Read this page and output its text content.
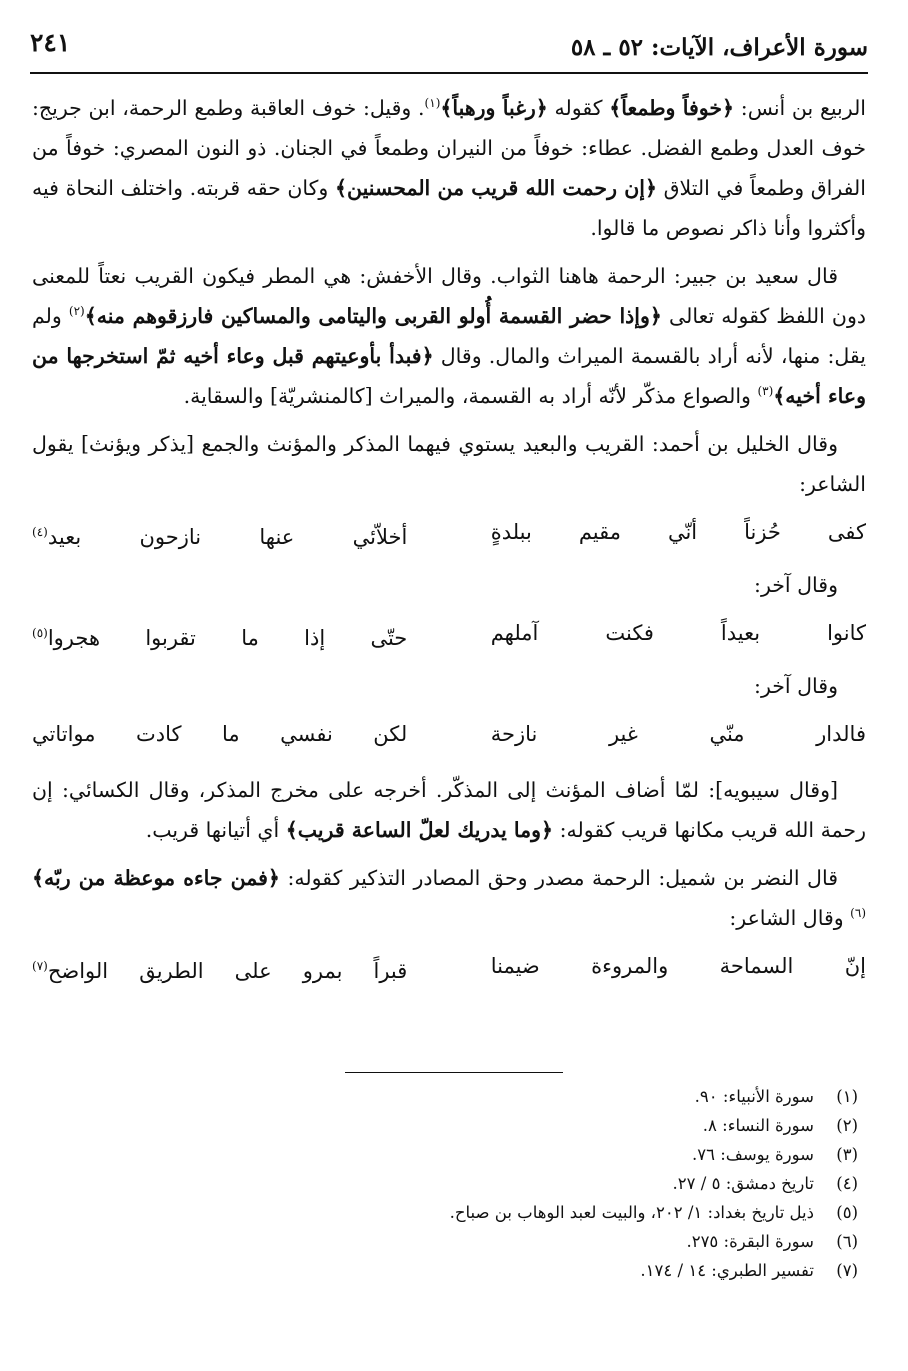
سورة الأعراف، الآيات: ٥٢ ـ ٥٨
٢٤١

الربيع بن أنس: ﴿خوفاً وطمعاً﴾ كقوله ﴿رغباً ورهباً﴾$^{(١)}$. وقيل: خوف العاقبة وطمع الرحمة، ابن جريج: خوف العدل وطمع الفضل. عطاء: خوفاً من النيران وطمعاً في الجنان. ذو النون المصري: خوفاً من الفراق وطمعاً في التلاق ﴿إن رحمت الله قريب من المحسنين﴾ وكان حقه قربته. واختلف النحاة فيه وأكثروا وأنا ذاكر نصوص ما قالوا.

قال سعيد بن جبير: الرحمة هاهنا الثواب. وقال الأخفش: هي المطر فيكون القريب نعتاً للمعنى دون اللفظ كقوله تعالى ﴿وإذا حضر القسمة أُولو القربى واليتامى والمساكين فارزقوهم منه﴾$^{(٢)}$ ولم يقل: منها، لأنه أراد بالقسمة الميراث والمال. وقال ﴿فبدأ بأوعيتهم قبل وعاء أخيه ثمّ استخرجها من وعاء أخيه﴾$^{(٣)}$ والصواع مذكّر لأنّه أراد به القسمة، والميراث [كالمنشريّة] والسقاية.

وقال الخليل بن أحمد: القريب والبعيد يستوي فيهما المذكر والمؤنث والجمع [يذكر ويؤنث] يقول الشاعر:

كفى حُزناً أنّي مقيم ببلدةٍ
أخلاّئي عنها نازحون بعيد$^{(٤)}$

وقال آخر:

كانوا بعيداً فكنت آملهم
حتّى إذا ما تقربوا هجروا$^{(٥)}$

وقال آخر:

فالدار منّي غير نازحة
لكن نفسي ما كادت مواتاتي

[وقال سيبويه]: لمّا أضاف المؤنث إلى المذكّر. أخرجه على مخرج المذكر، وقال الكسائي: إن رحمة الله قريب مكانها قريب كقوله: ﴿وما يدريك لعلّ الساعة قريب﴾ أي أتيانها قريب.

قال النضر بن شميل: الرحمة مصدر وحق المصادر التذكير كقوله: ﴿فمن جاءه موعظة من ربّه﴾$^{(٦)}$ وقال الشاعر:

إنّ السماحة والمروءة ضيمنا
قبراً بمرو على الطريق الواضح$^{(٧)}$
(١)
سورة الأنبياء: ٩٠.
(٢)
سورة النساء: ٨.
(٣)
سورة يوسف: ٧٦.
(٤)
تاريخ دمشق: ٥ / ٢٧.
(٥)
ذيل تاريخ بغداد: ١/ ٢٠٢، والبيت لعبد الوهاب بن صباح.
(٦)
سورة البقرة: ٢٧٥.
(٧)
تفسير الطبري: ١٤ / ١٧٤.
